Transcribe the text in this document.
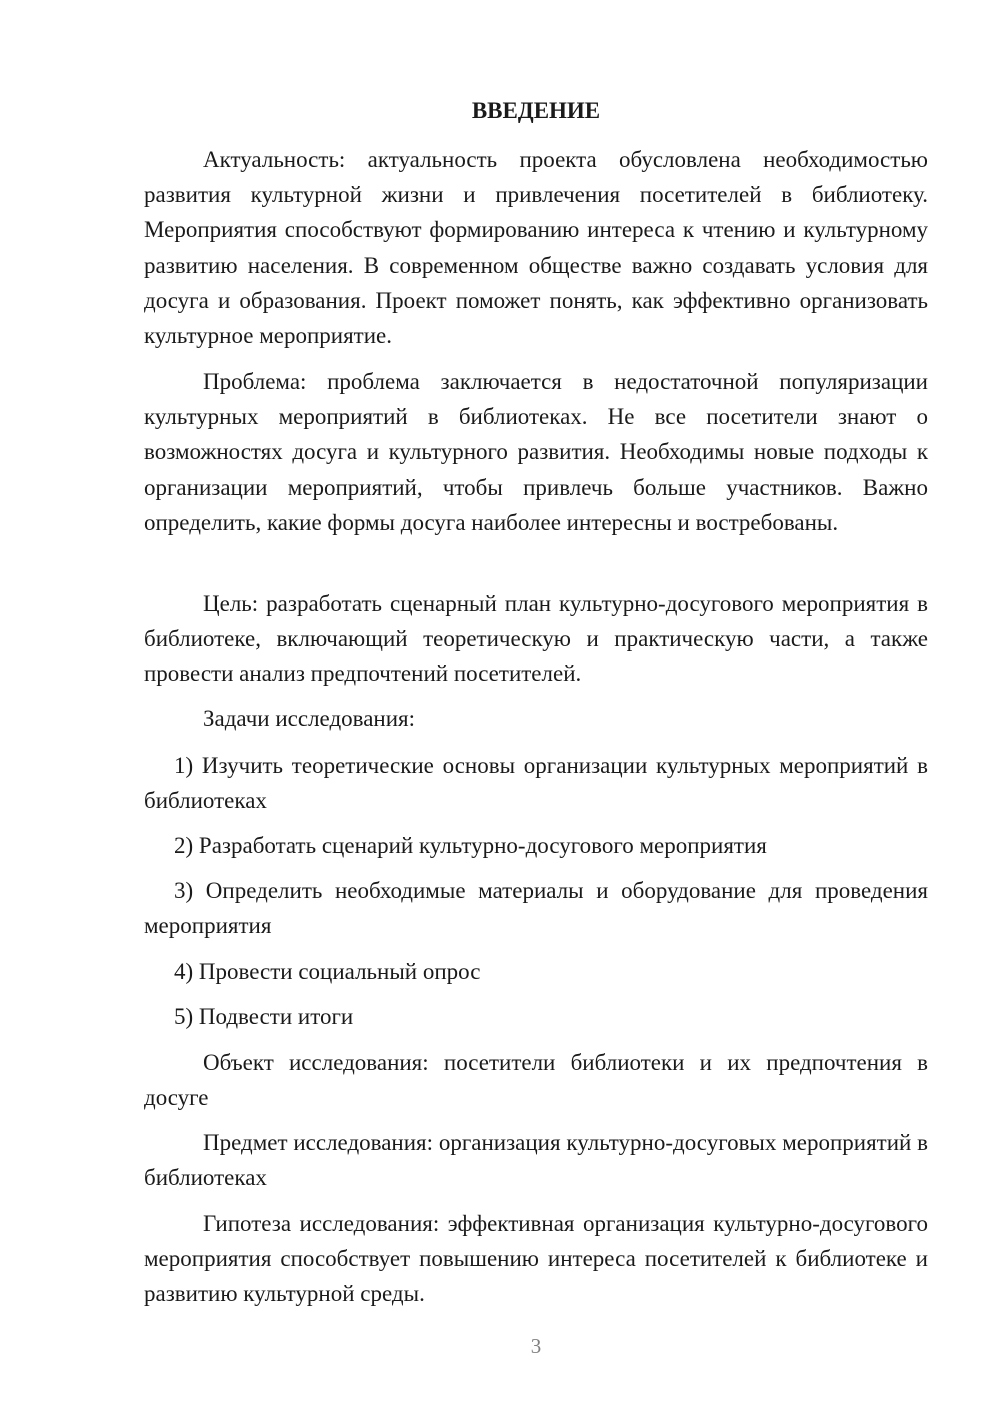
ВВЕДЕНИЕ

Актуальность: актуальность проекта обусловлена необходимостью развития культурной жизни и привлечения посетителей в библиотеку. Мероприятия способствуют формированию интереса к чтению и культурному развитию населения. В современном обществе важно создавать условия для досуга и образования. Проект поможет понять, как эффективно организовать культурное мероприятие.

Проблема: проблема заключается в недостаточной популяризации культурных мероприятий в библиотеках. Не все посетители знают о возможностях досуга и культурного развития. Необходимы новые подходы к организации мероприятий, чтобы привлечь больше участников. Важно определить, какие формы досуга наиболее интересны и востребованы.

Цель: разработать сценарный план культурно-досугового мероприятия в библиотеке, включающий теоретическую и практическую части, а также провести анализ предпочтений посетителей.

Задачи исследования:

1) Изучить теоретические основы организации культурных мероприятий в библиотеках

2) Разработать сценарий культурно-досугового мероприятия

3) Определить необходимые материалы и оборудование для проведения мероприятия

4) Провести социальный опрос

5) Подвести итоги

Объект исследования: посетители библиотеки и их предпочтения в досуге

Предмет исследования: организация культурно-досуговых мероприятий в библиотеках

Гипотеза исследования: эффективная организация культурно-досугового мероприятия способствует повышению интереса посетителей к библиотеке и развитию культурной среды.

3
